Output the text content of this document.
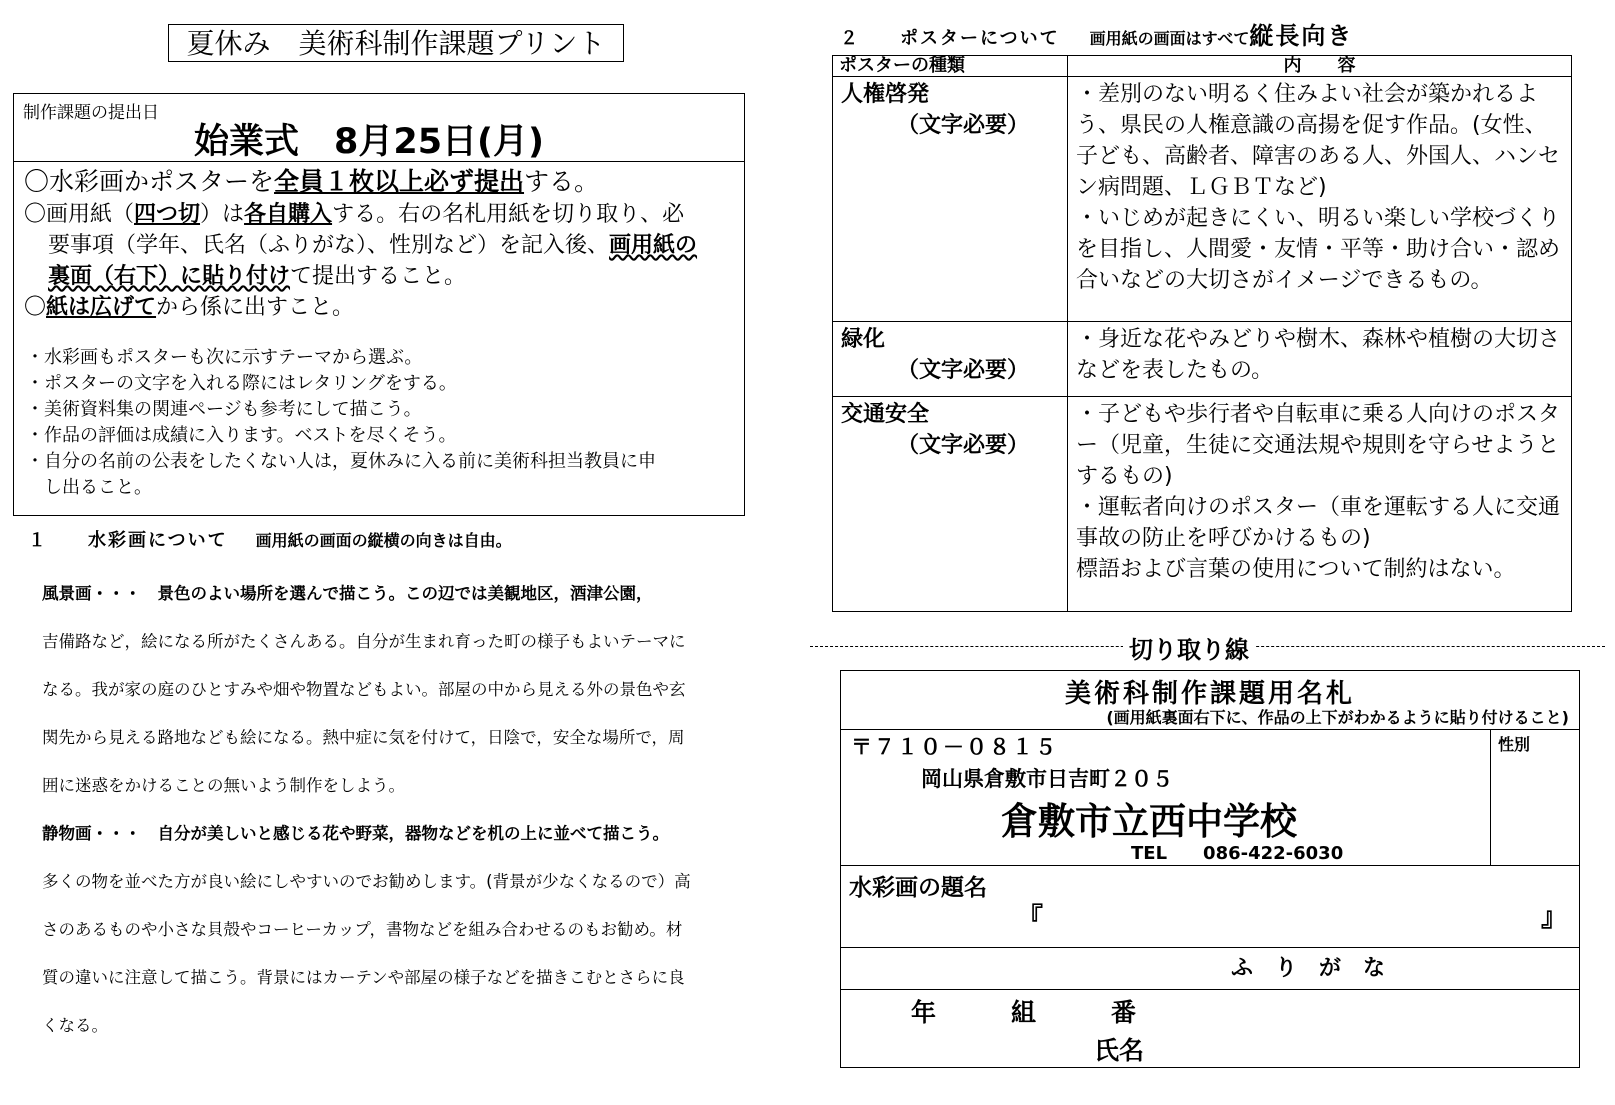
夏休み　美術科制作課題プリント
制作課題の提出日
始業式　8月25日(月)
〇水彩画かポスターを全員１枚以上必ず提出する。
〇画用紙（四つ切）は各自購入する。右の名札用紙を切り取り、必
要事項（学年、氏名（ふりがな）、性別など）を記入後、画用紙の
裏面（右下）に貼り付けて提出すること。
〇紙は広げてから係に出すこと。
・水彩画もポスターも次に示すテーマから選ぶ。
・ポスターの文字を入れる際にはレタリングをする。
・美術資料集の関連ページも参考にして描こう。
・作品の評価は成績に入ります。ベストを尽くそう。
・自分の名前の公表をしたくない人は，夏休みに入る前に美術科担当教員に申
　し出ること。
１　　水彩画について 画用紙の画面の縦横の向きは自由。
風景画・・・　景色のよい場所を選んで描こう。この辺では美観地区，酒津公園，
吉備路など，絵になる所がたくさんある。自分が生まれ育った町の様子もよいテーマに
なる。我が家の庭のひとすみや畑や物置などもよい。部屋の中から見える外の景色や玄
関先から見える路地なども絵になる。熱中症に気を付けて，日陰で，安全な場所で，周
囲に迷惑をかけることの無いよう制作をしよう。
静物画・・・　自分が美しいと感じる花や野菜，器物などを机の上に並べて描こう。
多くの物を並べた方が良い絵にしやすいのでお勧めします。(背景が少なくなるので）高
さのあるものや小さな貝殻やコーヒーカップ，書物などを組み合わせるのもお勧め。材
質の違いに注意して描こう。背景にはカーテンや部屋の様子などを描きこむとさらに良
くなる。
２　　ポスターについて 画用紙の画面はすべて縦長向き
ポスターの種類	内　　容
人権啓発
（文字必要）	・差別のない明るく住みよい社会が築かれるよう、県民の人権意識の高揚を促す作品。(女性、子ども、高齢者、障害のある人、外国人、ハンセン病問題、ＬＧＢＴなど)
・いじめが起きにくい、明るい楽しい学校づくりを目指し、人間愛・友情・平等・助け合い・認め合いなどの大切さがイメージできるもの。
緑化
（文字必要）	・身近な花やみどりや樹木、森林や植樹の大切さなどを表したもの。
交通安全
（文字必要）	・子どもや歩行者や自転車に乗る人向けのポスター（児童，生徒に交通法規や規則を守らせようとするもの)
・運転者向けのポスター（車を運転する人に交通事故の防止を呼びかけるもの)
標語および言葉の使用について制約はない。
切り取り線
美術科制作課題用名札
(画用紙裏面右下に、作品の上下がわかるように貼り付けること)
性別
〒７１０－０８１５
岡山県倉敷市日吉町２０５
倉敷市立西中学校
TEL　　086-422-6030
水彩画の題名
『	』
ふ　り　が　な
年　　　組　　　番
氏名
